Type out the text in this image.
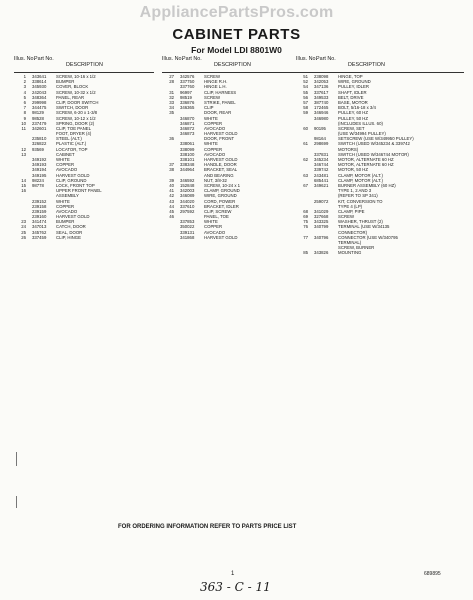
AppliancePartsPros.com
CABINET PARTS
For Model LDI 8801W0
Illus. No. Part No.
DESCRIPTION
1	343641	SCREW, 10-16 x 1/2
2	338614	BUMPER
3	345930	COVER, BLOCK
4	242043	SCREW, 10-32 x 1/2
5	348364	PANEL, REAR
6	299998	CLIP, DOOR SWITCH
7	344475	SWITCH, DOOR
8	98129	SCREW, 6-20 x 1-3/8
9	98528	SCREW, 10-12 x 1/2
10	237479	SPRING, DOOR (2)
11	342601	CLIP, TOE PANEL
FOOT, DRYER (4)
235810	STEEL (ALT.)
326822	PLASTIC (ALT.)
12	93569	LOCATOR, TOP
13	CABINET
349192	WHITE
349193	COPPER
349194	AVOCADO
349195	HARVEST GOLD
14	98224	CLIP, GROUND
15	98778	LOCK, FRONT TOP
16	UPPER FRONT PANEL
ASSEMBLY
239152	WHITE
239158	COPPER
239159	AVOCADO
239160	HARVEST GOLD
23	341474	BUMPER
24	347013	CATCH, DOOR
25	345762	SEAL, DOOR
26	337459	CLIP, HINGE
Illus. No. Part No.
DESCRIPTION
27	342576	SCREW
28	337750	HINGE R.H.
337760	HINGE L.H.
31	96997	CLIP, HARNESS
32	98519	SCREW
33	336876	STRIKE, PANEL
34	346365	CLIP
35	DOOR, REAR
346870	WHITE
346871	COPPER
346872	AVOCADO
346873	HARVEST GOLD
36	DOOR, FRONT
338061	WHITE
338099	COPPER
338100	AVOCADO
338101	HARVEST GOLD
37	338348	HANDLE, DOOR
38	344964	BRACKET, SEAL
AND BEARING
39	346592	NUT, 3/8-32
40	152848	SCREW, 10-24 x 1
41	342003	CLAMP, GROUND
42	346089	WIRE, GROUND
43	344020	CORD, POWER
44	337610	BRACKET, IDLER
45	297592	CLIP, SCREW
46	PANEL, TOE
337853	WHITE
350022	COPPER
339131	AVOCADO
341868	HARVEST GOLD
Illus. No. Part No.
DESCRIPTION
51	238098	HINGE, TOP
52	342053	WIRE, GROUND
54	347136	PULLEY, IDLER
55	337617	SHAFT, IDLER
56	349533	BELT, DRIVE
57	387740	BASE, MOTOR
58	172465	BOLT, 5/16-18 x 3/4
59	346946	PULLEY, 60 HZ
346980	PULLEY, 50 HZ
(INCLUDES ILLUS. 60)
60	90195	SCREW, SET
(USE W/34994 PULLEY)
98164	SETSCREW (USE W/349950 PULLEY)
61	298699	SWITCH (USED W/345234 & 339742
MOTORS)
337831	SWITCH (USED W/346744 MOTOR)
62	345234	MOTOR, ALTERNATE 60 HZ
346744	MOTOR, ALTERNATE 60 HZ
339742	MOTOR, 50 HZ
63	243481	CLAMP, MOTOR (ALT.)
685441	CLAMP, MOTOR (ALT.)
67	349621	BURNER ASSEMBLY (60 HZ)
TYPE 1, 2 AND 3
(REFER TO SP 341)
259072	KIT, CONVERSION TO
TYPE 4 (LP)
68	341029	CLAMP, PIPE
69	327668	SCREW
75	343325	WASHER, THRUST (2)
76	340799	TERMINAL (USE W/34135
CONNECTOR)
77	340796	CONNECTOR (USE W/340795
TERMINAL)
SCREW, BURNER
85	343826	MOUNTING
FOR ORDERING INFORMATION REFER TO PARTS PRICE LIST
1	689895
363 - C - 11
